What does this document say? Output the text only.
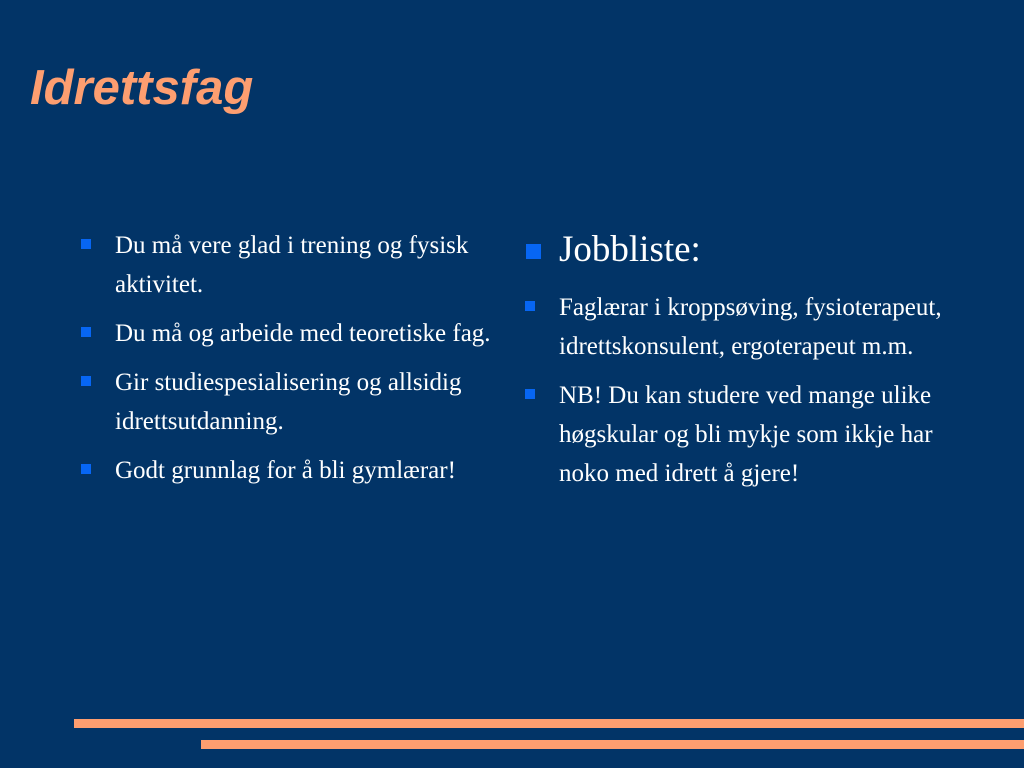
Idrettsfag
Du må vere glad i trening og fysisk aktivitet.
Du må og arbeide med teoretiske fag.
Gir studiespesialisering og allsidig idrettsutdanning.
Godt grunnlag for å bli gymlærar!
Jobbliste:
Faglærar i kroppsøving, fysioterapeut, idrettskonsulent, ergoterapeut m.m.
NB! Du kan studere ved mange ulike høgskular og bli mykje som ikkje har noko med idrett å gjere!
